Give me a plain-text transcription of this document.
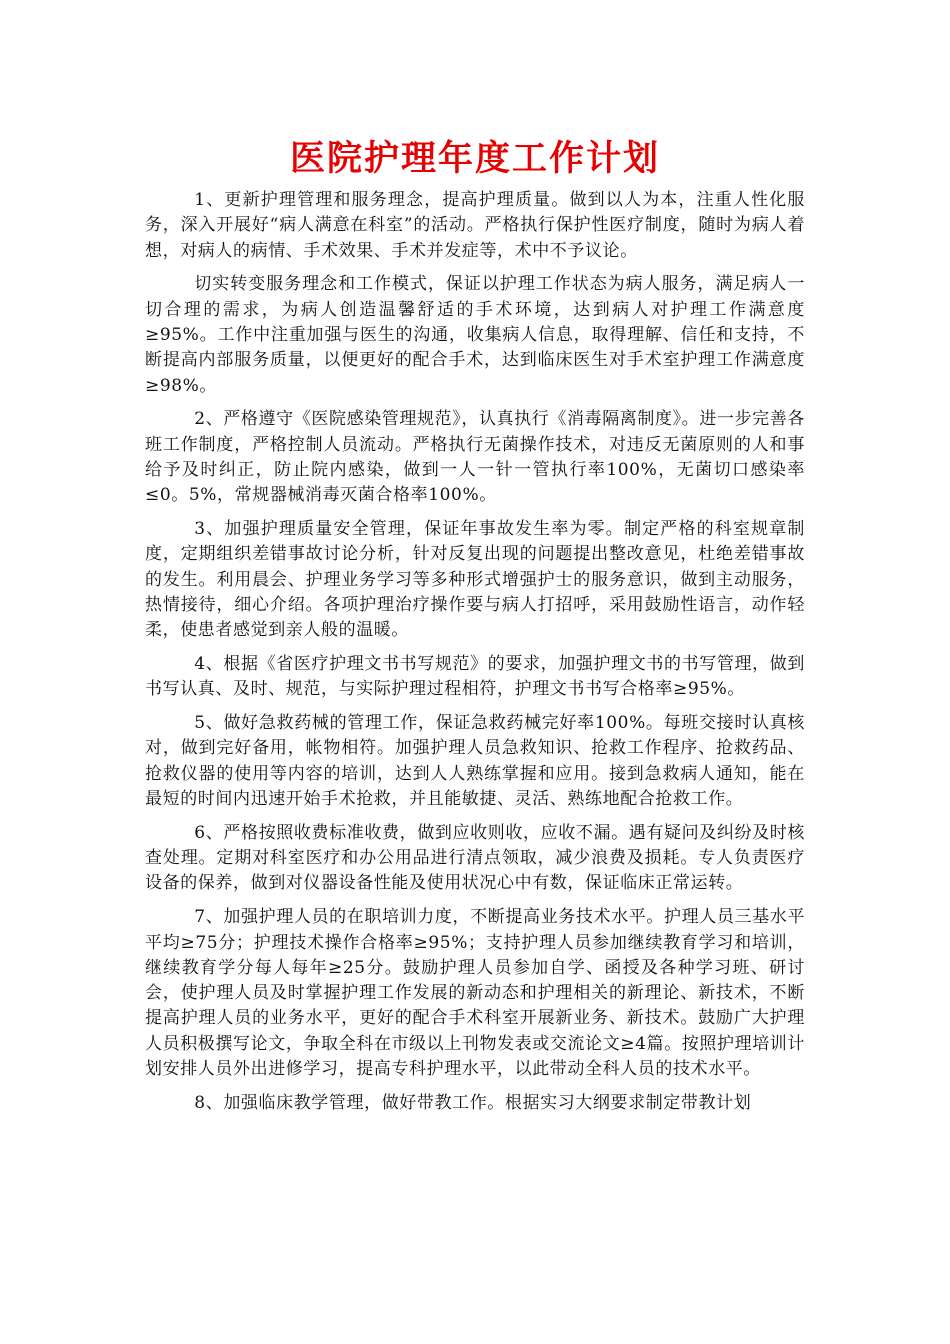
医院护理年度工作计划

1、更新护理管理和服务理念，提高护理质量。做到以人为本，注重人性化服务，深入开展好“病人满意在科室”的活动。严格执行保护性医疗制度，随时为病人着想，对病人的病情、手术效果、手术并发症等，术中不予议论。

切实转变服务理念和工作模式，保证以护理工作状态为病人服务，满足病人一切合理的需求，为病人创造温馨舒适的手术环境，达到病人对护理工作满意度≥95%。工作中注重加强与医生的沟通，收集病人信息，取得理解、信任和支持，不断提高内部服务质量，以便更好的配合手术，达到临床医生对手术室护理工作满意度≥98%。

2、严格遵守《医院感染管理规范》，认真执行《消毒隔离制度》。进一步完善各班工作制度，严格控制人员流动。严格执行无菌操作技术，对违反无菌原则的人和事给予及时纠正，防止院内感染，做到一人一针一管执行率100%，无菌切口感染率≤0。5%，常规器械消毒灭菌合格率100%。

3、加强护理质量安全管理，保证年事故发生率为零。制定严格的科室规章制度，定期组织差错事故讨论分析，针对反复出现的问题提出整改意见，杜绝差错事故的发生。利用晨会、护理业务学习等多种形式增强护士的服务意识，做到主动服务，热情接待，细心介绍。各项护理治疗操作要与病人打招呼，采用鼓励性语言，动作轻柔，使患者感觉到亲人般的温暖。

4、根据《省医疗护理文书书写规范》的要求，加强护理文书的书写管理，做到书写认真、及时、规范，与实际护理过程相符，护理文书书写合格率≥95%。

5、做好急救药械的管理工作，保证急救药械完好率100%。每班交接时认真核对，做到完好备用，帐物相符。加强护理人员急救知识、抢救工作程序、抢救药品、抢救仪器的使用等内容的培训，达到人人熟练掌握和应用。接到急救病人通知，能在最短的时间内迅速开始手术抢救，并且能敏捷、灵活、熟练地配合抢救工作。

6、严格按照收费标准收费，做到应收则收，应收不漏。遇有疑问及纠纷及时核查处理。定期对科室医疗和办公用品进行清点领取，减少浪费及损耗。专人负责医疗设备的保养，做到对仪器设备性能及使用状况心中有数，保证临床正常运转。

7、加强护理人员的在职培训力度，不断提高业务技术水平。护理人员三基水平平均≥75分；护理技术操作合格率≥95%；支持护理人员参加继续教育学习和培训，继续教育学分每人每年≥25分。鼓励护理人员参加自学、函授及各种学习班、研讨会，使护理人员及时掌握护理工作发展的新动态和护理相关的新理论、新技术，不断提高护理人员的业务水平，更好的配合手术科室开展新业务、新技术。鼓励广大护理人员积极撰写论文，争取全科在市级以上刊物发表或交流论文≥4篇。按照护理培训计划安排人员外出进修学习，提高专科护理水平，以此带动全科人员的技术水平。

8、加强临床教学管理，做好带教工作。根据实习大纲要求制定带教计划
